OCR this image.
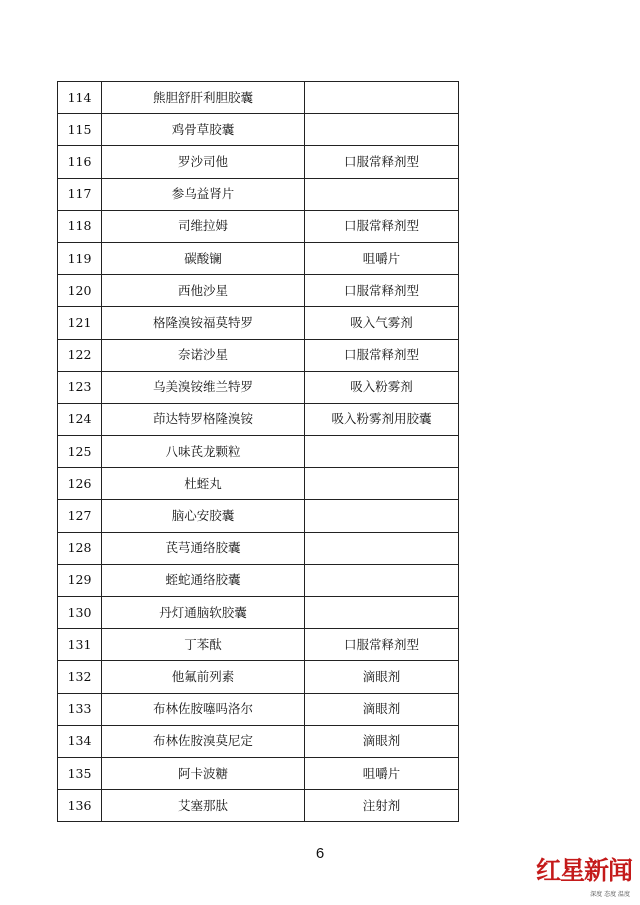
114	熊胆舒肝利胆胶囊	
115	鸡骨草胶囊	
116	罗沙司他	口服常释剂型
117	参乌益肾片	
118	司维拉姆	口服常释剂型
119	碳酸镧	咀嚼片
120	西他沙星	口服常释剂型
121	格隆溴铵福莫特罗	吸入气雾剂
122	奈诺沙星	口服常释剂型
123	乌美溴铵维兰特罗	吸入粉雾剂
124	茚达特罗格隆溴铵	吸入粉雾剂用胶囊
125	八味芪龙颗粒	
126	杜蛭丸	
127	脑心安胶囊	
128	芪芎通络胶囊	
129	蛭蛇通络胶囊	
130	丹灯通脑软胶囊	
131	丁苯酞	口服常释剂型
132	他氟前列素	滴眼剂
133	布林佐胺噻吗洛尔	滴眼剂
134	布林佐胺溴莫尼定	滴眼剂
135	阿卡波糖	咀嚼片
136	艾塞那肽	注射剂
6
红星新闻
深度 态度 温度
